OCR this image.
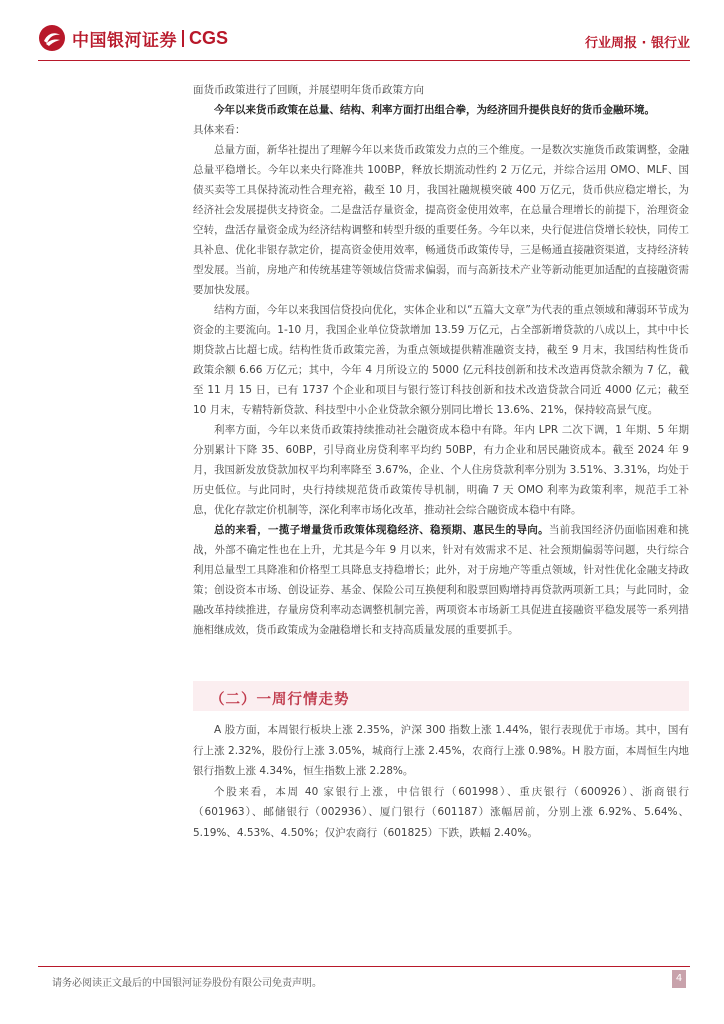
中国银河证券 CGS	行业周报 · 银行业

面货币政策进行了回顾，并展望明年货币政策方向

今年以来货币政策在总量、结构、利率方面打出组合拳，为经济回升提供良好的货币金融环境。

具体来看：

总量方面，新华社提出了理解今年以来货币政策发力点的三个维度。一是数次实施货币政策调整，金融总量平稳增长。今年以来央行降准共 100BP，释放长期流动性约 2 万亿元，并综合运用 OMO、MLF、国债买卖等工具保持流动性合理充裕，截至 10 月，我国社融规模突破 400 万亿元，货币供应稳定增长，为经济社会发展提供支持资金。二是盘活存量资金，提高资金使用效率，在总量合理增长的前提下，治理资金空转，盘活存量资金成为经济结构调整和转型升级的重要任务。今年以来，央行促进信贷增长较快，同传工具补息、优化非银存款定价，提高资金使用效率，畅通货币政策传导，三是畅通直接融资渠道，支持经济转型发展。当前，房地产和传统基建等领域信贷需求偏弱，而与高新技术产业等新动能更加适配的直接融资需要加快发展。

结构方面，今年以来我国信贷投向优化，实体企业和以“五篇大文章”为代表的重点领域和薄弱环节成为资金的主要流向。1-10 月，我国企业单位贷款增加 13.59 万亿元，占全部新增贷款的八成以上，其中中长期贷款占比超七成。结构性货币政策完善，为重点领域提供精准融资支持，截至 9 月末，我国结构性货币政策余额 6.66 万亿元；其中，今年 4 月所设立的 5000 亿元科技创新和技术改造再贷款余额为 7 亿，截至 11 月 15 日，已有 1737 个企业和项目与银行签订科技创新和技术改造贷款合同近 4000 亿元；截至 10 月末，专精特新贷款、科技型中小企业贷款余额分别同比增长 13.6%、21%，保持较高景气度。

利率方面，今年以来货币政策持续推动社会融资成本稳中有降。年内 LPR 二次下调，1 年期、5 年期分别累计下降 35、60BP，引导商业房贷利率平均约 50BP，有力企业和居民融资成本。截至 2024 年 9 月，我国新发放贷款加权平均利率降至 3.67%，企业、个人住房贷款利率分别为 3.51%、3.31%，均处于历史低位。与此同时，央行持续规范货币政策传导机制，明确 7 天 OMO 利率为政策利率，规范手工补息，优化存款定价机制等，深化利率市场化改革，推动社会综合融资成本稳中有降。

总的来看，一揽子增量货币政策体现稳经济、稳预期、惠民生的导向。当前我国经济仍面临困难和挑战，外部不确定性也在上升，尤其是今年 9 月以来，针对有效需求不足、社会预期偏弱等问题，央行综合利用总量型工具降准和价格型工具降息支持稳增长；此外，对于房地产等重点领域，针对性优化金融支持政策；创设资本市场、创设证券、基金、保险公司互换便利和股票回购增持再贷款两项新工具；与此同时，金融改革持续推进，存量房贷利率动态调整机制完善，两项资本市场新工具促进直接融资平稳发展等一系列措施相继成效，货币政策成为金融稳增长和支持高质量发展的重要抓手。

（二）一周行情走势

A 股方面，本周银行板块上涨 2.35%，沪深 300 指数上涨 1.44%，银行表现优于市场。其中，国有行上涨 2.32%，股份行上涨 3.05%，城商行上涨 2.45%，农商行上涨 0.98%。H 股方面，本周恒生内地银行指数上涨 4.34%，恒生指数上涨 2.28%。

个股来看，本周 40 家银行上涨，中信银行（601998）、重庆银行（600926）、浙商银行（601963）、邮储银行（002936）、厦门银行（601187）涨幅居前，分别上涨 6.92%、5.64%、5.19%、4.53%、4.50%；仅沪农商行（601825）下跌，跌幅 2.40%。

请务必阅读正文最后的中国银河证券股份有限公司免责声明。	4
